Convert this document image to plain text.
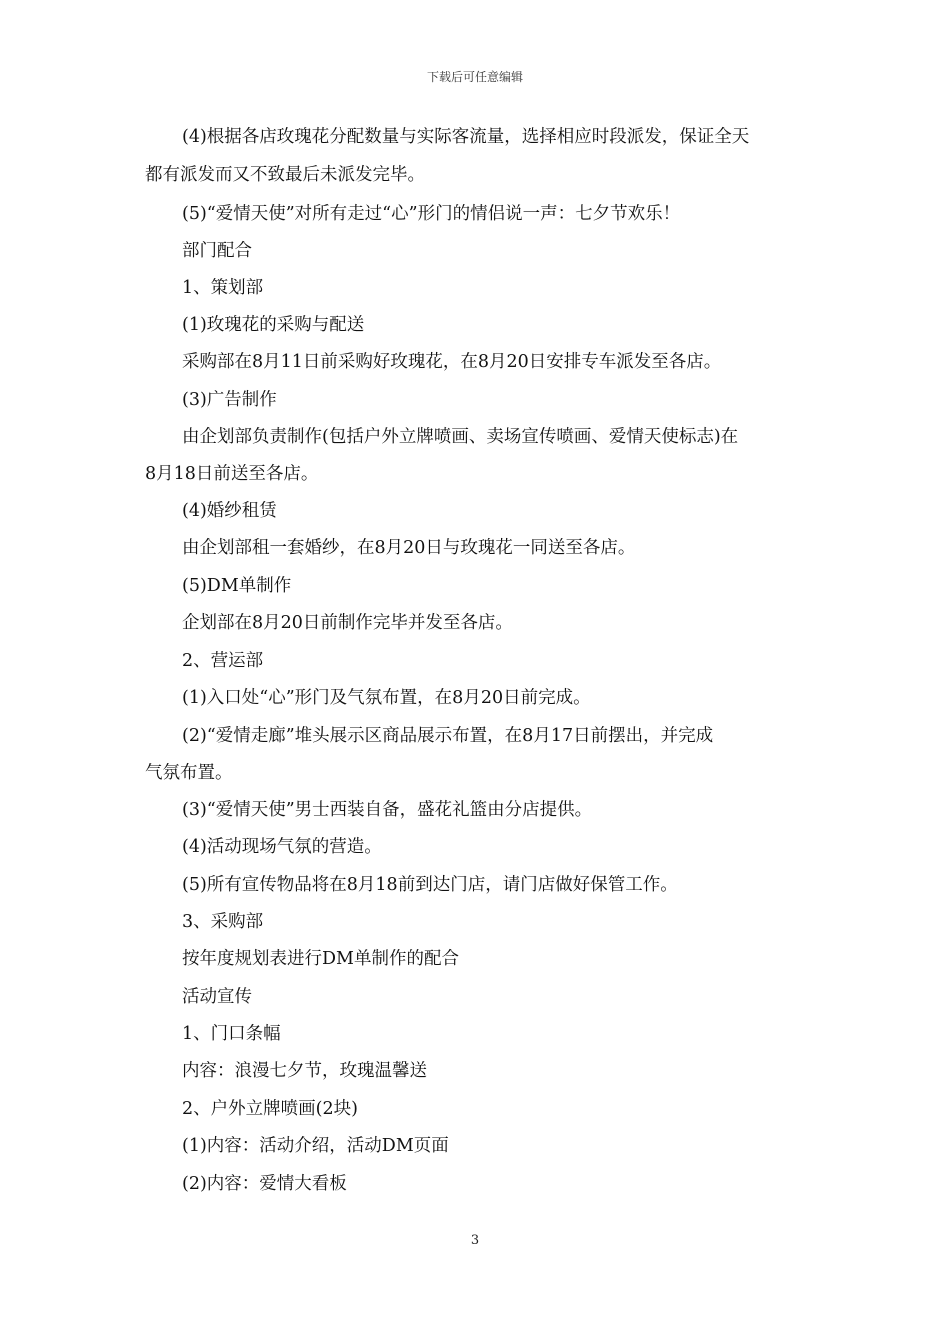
下载后可任意编辑
(4)根据各店玫瑰花分配数量与实际客流量，选择相应时段派发，保证全天
都有派发而又不致最后未派发完毕。
(5)“爱情天使”对所有走过“心”形门的情侣说一声：七夕节欢乐！
部门配合
1、策划部
(1)玫瑰花的采购与配送
采购部在8月11日前采购好玫瑰花，在8月20日安排专车派发至各店。
(3)广告制作
由企划部负责制作(包括户外立牌喷画、卖场宣传喷画、爱情天使标志)在
8月18日前送至各店。
(4)婚纱租赁
由企划部租一套婚纱，在8月20日与玫瑰花一同送至各店。
(5)DM单制作
企划部在8月20日前制作完毕并发至各店。
2、营运部
(1)入口处“心”形门及气氛布置，在8月20日前完成。
(2)“爱情走廊”堆头展示区商品展示布置，在8月17日前摆出，并完成
气氛布置。
(3)“爱情天使”男士西装自备，盛花礼篮由分店提供。
(4)活动现场气氛的营造。
(5)所有宣传物品将在8月18前到达门店，请门店做好保管工作。
3、采购部
按年度规划表进行DM单制作的配合
活动宣传
1、门口条幅
内容：浪漫七夕节，玫瑰温馨送
2、户外立牌喷画(2块)
(1)内容：活动介绍，活动DM页面
(2)内容：爱情大看板
3
